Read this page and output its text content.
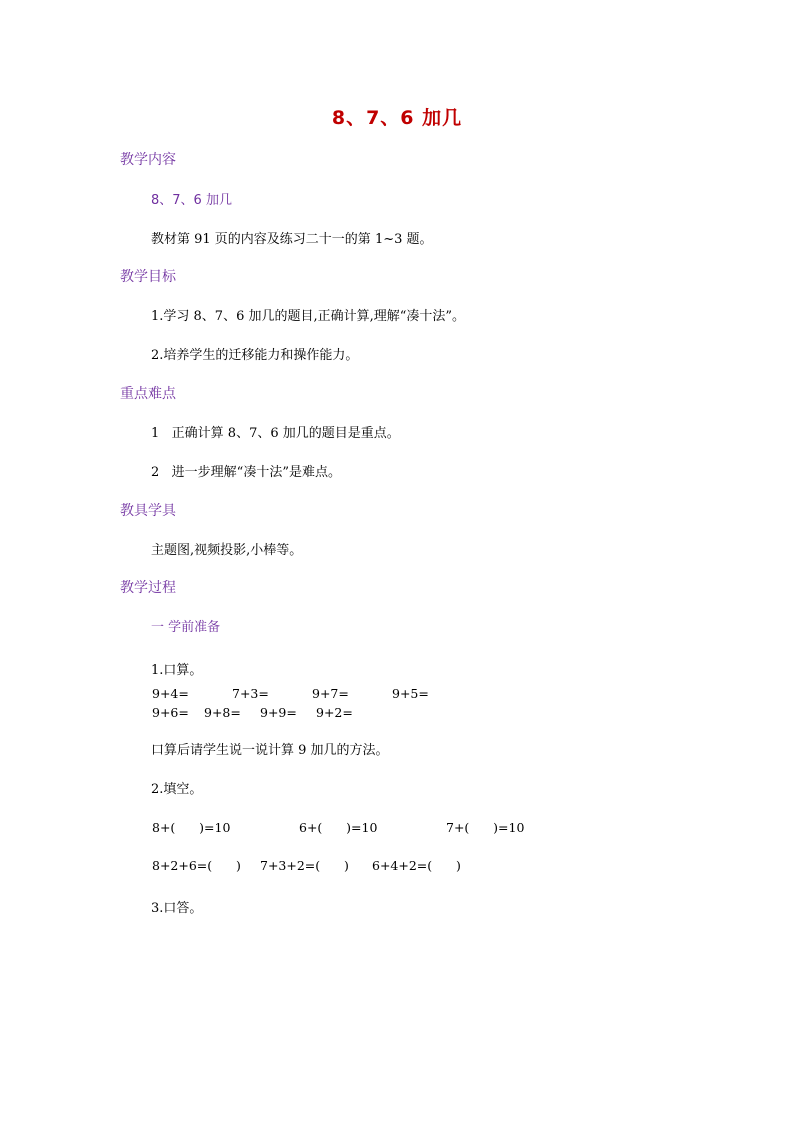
8、7、6 加几
教学内容
8、7、6 加几
教材第 91 页的内容及练习二十一的第 1~3 题。
教学目标
1.学习 8、7、6 加几的题目,正确计算,理解“凑十法”。
2.培养学生的迁移能力和操作能力。
重点难点
1   正确计算 8、7、6 加几的题目是重点。
2   进一步理解“凑十法”是难点。
教具学具
主题图,视频投影,小棒等。
教学过程
一 学前准备
1.口算。
9+4=	7+3=	9+7=	9+5=
9+6= 9+8= 9+9= 9+2=
口算后请学生说一说计算 9 加几的方法。
2.填空。
8+(      )=10	6+(      )=10	7+(      )=10
8+2+6=(      ) 7+3+2=(      ) 6+4+2=(      )
3.口答。
